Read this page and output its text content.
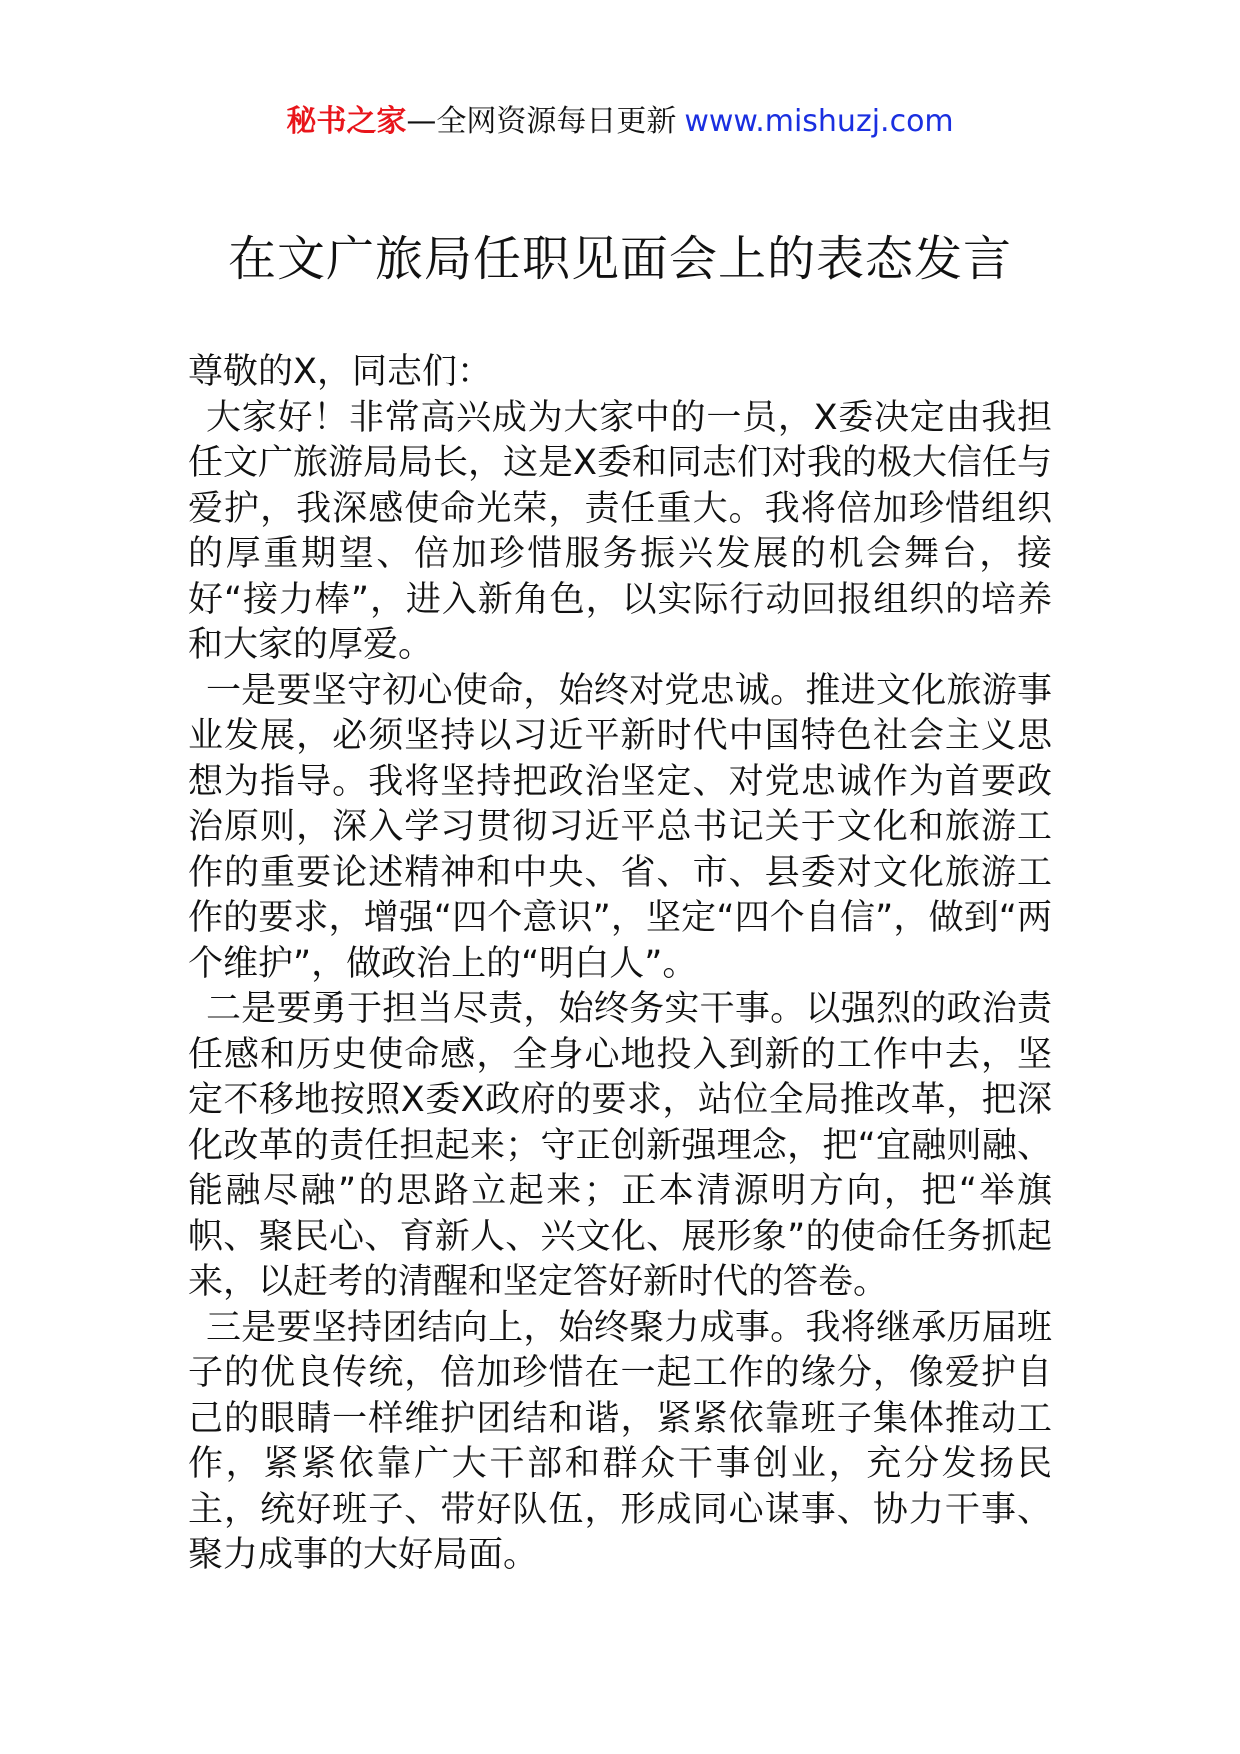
秘书之家—全网资源每日更新 www.mishuzj.com
在文广旅局任职见面会上的表态发言

尊敬的X，同志们：

大家好！非常高兴成为大家中的一员，X委决定由我担任文广旅游局局长，这是X委和同志们对我的极大信任与爱护，我深感使命光荣，责任重大。我将倍加珍惜组织的厚重期望、倍加珍惜服务振兴发展的机会舞台，接好“接力棒”，进入新角色，以实际行动回报组织的培养和大家的厚爱。

一是要坚守初心使命，始终对党忠诚。推进文化旅游事业发展，必须坚持以习近平新时代中国特色社会主义思想为指导。我将坚持把政治坚定、对党忠诚作为首要政治原则，深入学习贯彻习近平总书记关于文化和旅游工作的重要论述精神和中央、省、市、县委对文化旅游工作的要求，增强“四个意识”，坚定“四个自信”，做到“两个维护”，做政治上的“明白人”。

二是要勇于担当尽责，始终务实干事。以强烈的政治责任感和历史使命感，全身心地投入到新的工作中去，坚定不移地按照X委X政府的要求，站位全局推改革，把深化改革的责任担起来；守正创新强理念，把“宜融则融、能融尽融”的思路立起来；正本清源明方向，把“举旗帜、聚民心、育新人、兴文化、展形象”的使命任务抓起来，以赶考的清醒和坚定答好新时代的答卷。

三是要坚持团结向上，始终聚力成事。我将继承历届班子的优良传统，倍加珍惜在一起工作的缘分，像爱护自己的眼睛一样维护团结和谐，紧紧依靠班子集体推动工作，紧紧依靠广大干部和群众干事创业，充分发扬民主，统好班子、带好队伍，形成同心谋事、协力干事、聚力成事的大好局面。
